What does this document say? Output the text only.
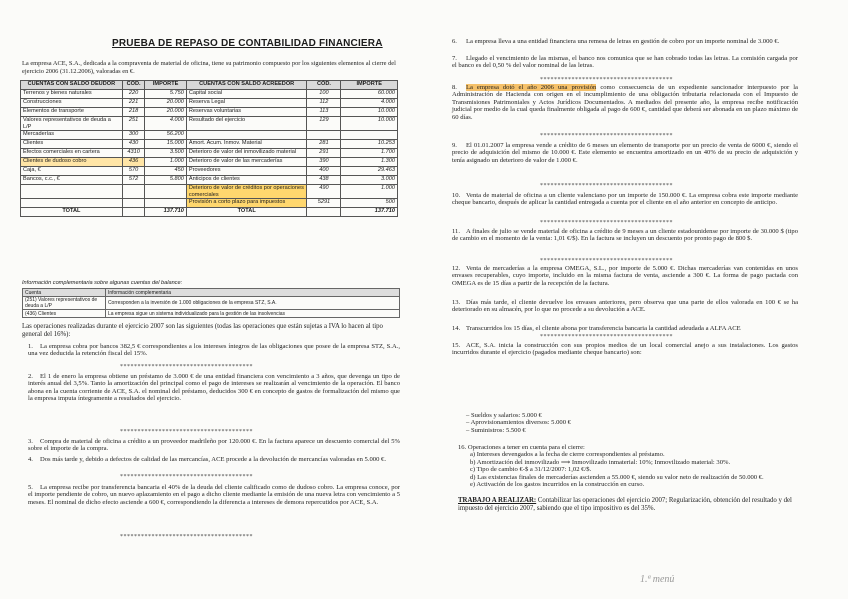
PRUEBA DE REPASO DE CONTABILIDAD FINANCIERA
La empresa ACE, S.A., dedicada a la compraventa de material de oficina, tiene su patrimonio compuesto por los siguientes elementos al cierre del ejercicio 2006 (31.12.2006), valoradas en €.
CUENTAS CON SALDO DEUDOR	CÓD.	IMPORTE	CUENTAS CON SALDO ACREEDOR	CÓD.	IMPORTE
Terrenos y bienes naturales	220	5.750	Capital social	100	60.000
Construcciones	221	20.000	Reserva Legal	112	4.000
Elementos de transporte	218	20.000	Reservas voluntarias	113	10.000
Valores representativos de deuda a L/P	251	4.000	Resultado del ejercicio	129	10.000
Mercaderías	300	56.200			
Clientes	430	15.000	Amort. Acum. Inmov. Material	281	10.253
Efectos comerciales en cartera	4310	3.500	Deterioro de valor del inmovilizado material	291	1.700
Clientes de dudoso cobro	436	1.000	Deterioro de valor de las mercaderías	390	1.300
Caja, €	570	450	Proveedores	400	29.463
Bancos, c.c., €	572	5.800	Anticipos de clientes	438	3.000
			Deterioro de valor de créditos por operaciones comerciales	490	1.000
			Provisión a corto plazo para impuestos	5291	500
TOTAL		137.710	TOTAL		137.710
Información complementaria sobre algunas cuentas del balance:
Cuenta	Información complementaria
(251) Valores representativos de deuda a L/P	Corresponden a la inversión de 1.000 obligaciones de la empresa STZ, S.A.
(436) Clientes	La empresa sigue un sistema individualizado para la gestión de las insolvencias
Las operaciones realizadas durante el ejercicio 2007 son las siguientes (todas las operaciones que están sujetas a IVA lo hacen al tipo general del 16%):
1. La empresa cobra por bancos 382,5 € correspondientes a los intereses íntegros de las obligaciones que posee de la empresa STZ, S.A., una vez deducida la retención fiscal del 15%.
2. El 1 de enero la empresa obtiene un préstamo de 3.000 € de una entidad financiera con vencimiento a 3 años, que devenga un tipo de interés anual del 3,5%. Tanto la amortización del principal como el pago de intereses se realizarán al vencimiento de la operación. El banco abona en la cuenta corriente de ACE, S.A. el nominal del préstamo, deducidos 300 € en concepto de gastos de formalización del mismo que la empresa imputa íntegramente a resultados del ejercicio.
3. Compra de material de oficina a crédito a un proveedor madrileño por 120.000 €. En la factura aparece un descuento comercial del 5% sobre el importe de la compra.
4. Dos más tarde y, debido a defectos de calidad de las mercancías, ACE procede a la devolución de mercancías valoradas en 5.000 €.
5. La empresa recibe por transferencia bancaria el 40% de la deuda del cliente calificado como de dudoso cobro. La empresa conoce, por el importe pendiente de cobro, un nuevo aplazamiento en el pago a dicho cliente mediante la emisión de una nueva letra con vencimiento a 5 meses. El nominal de dicho efecto asciende a 600 €, correspondiendo la diferencia a intereses de demora repercutidos por ACE, S.A.
**************************************
**************************************
**************************************
**************************************
6. La empresa lleva a una entidad financiera una remesa de letras en gestión de cobro por un importe nominal de 3.000 €.
7. Llegado el vencimiento de las mismas, el banco nos comunica que se han cobrado todas las letras. La comisión cargada por el banco es del 0,50 % del valor nominal de las letras.
8. La empresa dotó el año 2006 una provisión como consecuencia de un expediente sancionador interpuesto por la Administración de Hacienda con origen en el incumplimiento de una obligación tributaria relacionada con el Impuesto de Transmisiones Patrimoniales y Actos Jurídicos Documentados. A mediados del presente año, la empresa recibe notificación judicial por medio de la cual queda finalmente obligada al pago de 600 €, cantidad que deberá ser abonada en un plazo máximo de 60 días.
9. El 01.01.2007 la empresa vende a crédito de 6 meses un elemento de transporte por un precio de venta de 6000 €, siendo el precio de adquisición del mismo de 10.000 €. Este elemento se encuentra amortizado en un 40% de su precio de adquisición y tenía asignado un deterioro de valor de 1.000 €.
10. Venta de material de oficina a un cliente valenciano por un importe de 150.000 €. La empresa cobra este importe mediante cheque bancario, después de aplicar la cantidad entregada a cuenta por el cliente en el año anterior en concepto de anticipo.
11. A finales de julio se vende material de oficina a crédito de 9 meses a un cliente estadounidense por importe de 30.000 $ (tipo de cambio en el momento de la venta: 1,01 €/$). En la factura se incluyen un descuento por pronto pago de 800 $.
12. Venta de mercaderías a la empresa OMEGA, S.L., por importe de 5.000 €. Dichas mercaderías van contenidas en unos envases recuperables, cuyo importe, incluido en la misma factura de venta, asciende a 300 €. La forma de pago pactada con OMEGA es de 15 días a partir de la recepción de la factura.
13. Días más tarde, el cliente devuelve los envases anteriores, pero observa que una parte de ellos valorada en 100 € se ha deteriorado en su almacén, por lo que no procede a su devolución a ACE.
14. Transcurridos los 15 días, el cliente abona por transferencia bancaria la cantidad adeudada a ALFA ACE
15. ACE, S.A. inicia la construcción con sus propios medios de un local comercial anejo a sus instalaciones. Los gastos incurridos durante el ejercicio (pagados mediante cheque bancario) son:
**************************************
**************************************
**************************************
**************************************
**************************************
**************************************
– Sueldos y salarios: 5.000 €
– Aprovisionamientos diversos: 5.000 €
– Suministros: 5.500 €
16. Operaciones a tener en cuenta para el cierre:
a) Intereses devengados a la fecha de cierre correspondientes al préstamo.
b) Amortización del inmovilizado ⟹ Inmovilizado inmaterial: 10%; Inmovilizado material: 30%.
c) Tipo de cambio €-$ a 31/12/2007: 1,02 €/$.
d) Las existencias finales de mercaderías ascienden a 55.000 €, siendo su valor neto de realización de 50.000 €.
e) Activación de los gastos incurridos en la construcción en curso.
TRABAJO A REALIZAR: Contabilizar las operaciones del ejercicio 2007; Regularización, obtención del resultado y del impuesto del ejercicio 2007, sabiendo que el tipo impositivo es del 35%.
1.ª menú
